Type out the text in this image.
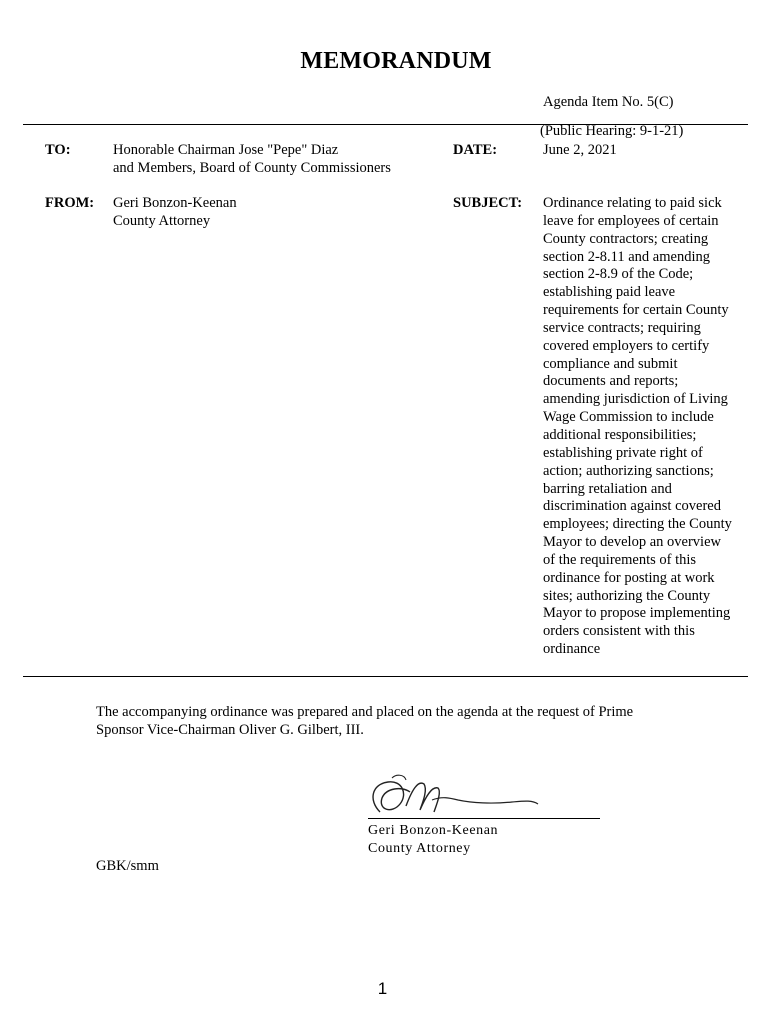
MEMORANDUM
Agenda Item No. 5(C)
(Public Hearing: 9-1-21)
TO:	Honorable Chairman Jose "Pepe" Diaz
and Members, Board of County Commissioners
DATE:	June 2, 2021
FROM: Geri Bonzon-Keenan
County Attorney
SUBJECT: Ordinance relating to paid sick
leave for employees of certain
County contractors; creating
section 2-8.11 and amending
section 2-8.9 of the Code;
establishing paid leave
requirements for certain County
service contracts; requiring
covered employers to certify
compliance and submit
documents and reports;
amending jurisdiction of Living
Wage Commission to include
additional responsibilities;
establishing private right of
action; authorizing sanctions;
barring retaliation and
discrimination against covered
employees; directing the County
Mayor to develop an overview
of the requirements of this
ordinance for posting at work
sites; authorizing the County
Mayor to propose implementing
orders consistent with this
ordinance
The accompanying ordinance was prepared and placed on the agenda at the request of Prime
Sponsor Vice-Chairman Oliver G. Gilbert, III.
Geri Bonzon-Keenan
County Attorney
GBK/smm
1
